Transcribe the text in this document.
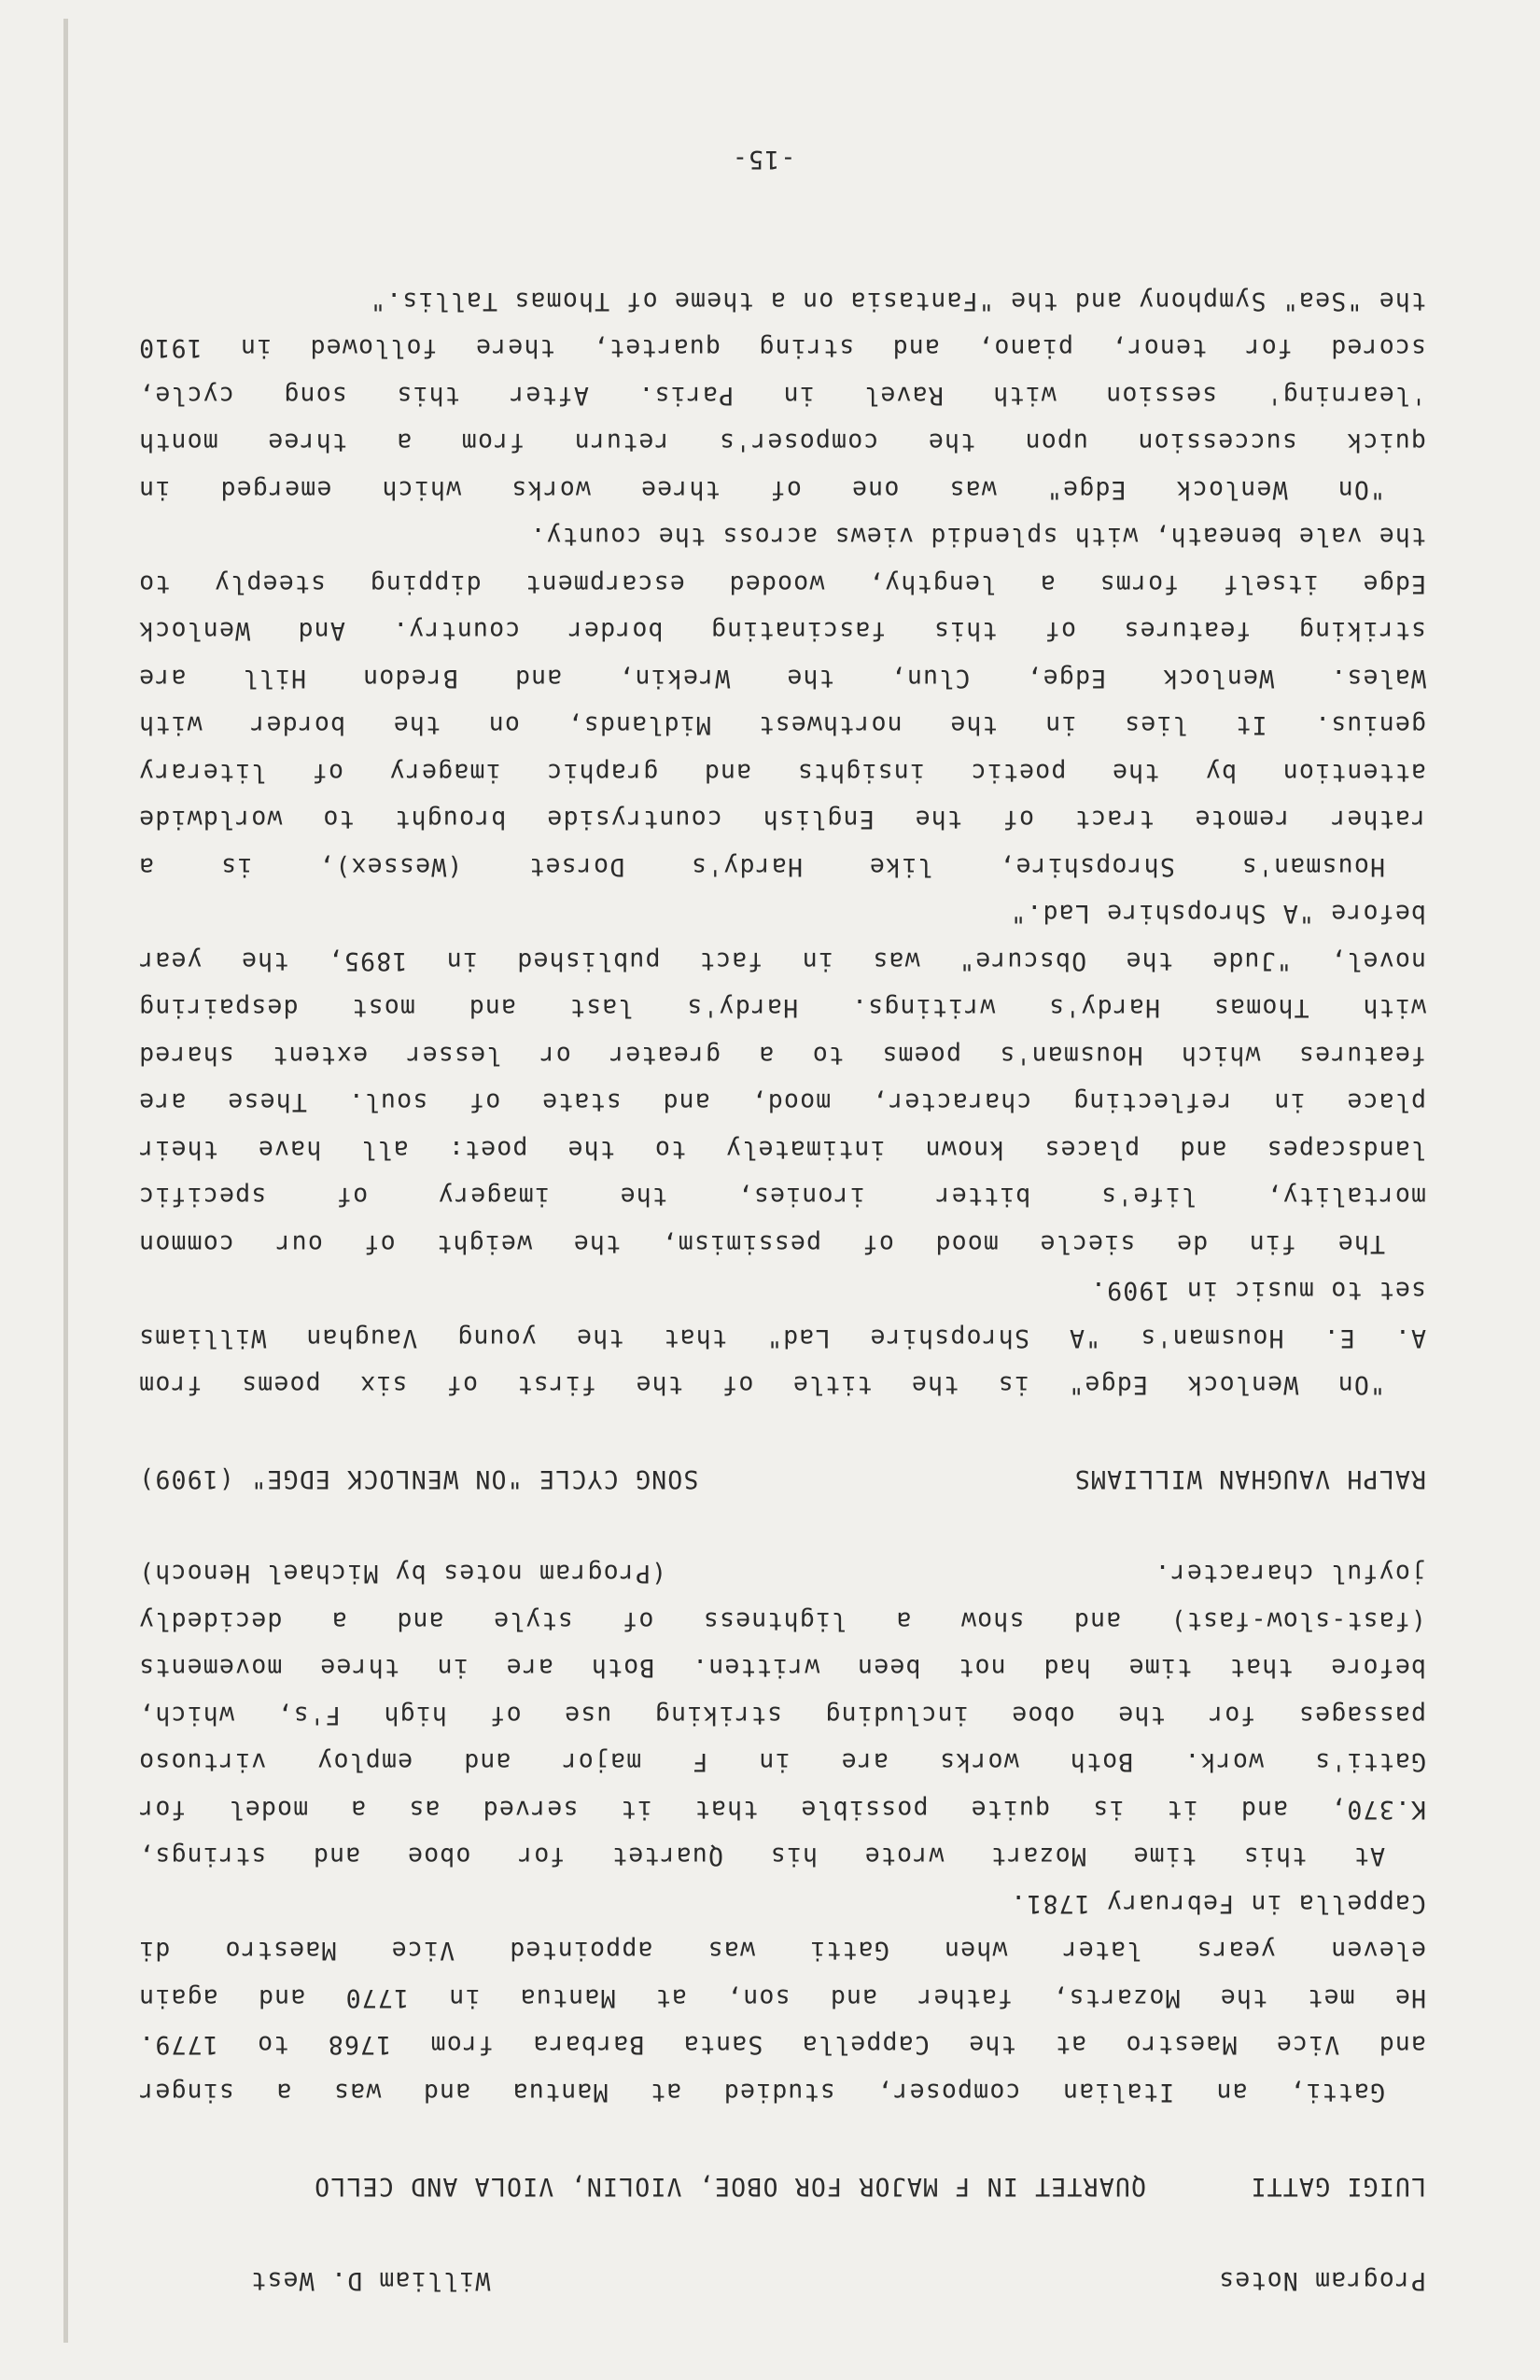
Program Notes
William D. West
LUIGI GATTI
QUARTET IN F MAJOR FOR OBOE, VIOLIN, VIOLA AND CELLO
Gatti, an Italian composer, studied at Mantua and was a singer
and Vice Maestro at the Cappella Santa Barbara from 1768 to 1779.
He met the Mozarts, father and son, at Mantua in 1770 and again
eleven years later when Gatti was appointed Vice Maestro di
Cappella in February 1781.
At this time Mozart wrote his Quartet for oboe and strings,
K.370, and it is quite possible that it served as a model for
Gatti's work. Both works are in F major and employ virtuoso
passages for the oboe including striking use of high F's, which,
before that time had not been written. Both are in three movements
(fast-slow-fast) and show a lightness of style and a decidedly
joyful character.
(Program notes by Michael Henoch)
RALPH VAUGHAN WILLIAMS
SONG CYCLE "ON WENLOCK EDGE" (1909)
"On Wenlock Edge" is the title of the first of six poems from
A. E. Housman's "A Shropshire Lad" that the young Vaughan Williams
set to music in 1909.
The fin de siecle mood of pessimism, the weight of our common
mortality, life's bitter ironies, the imagery of specific
landscapes and places known intimately to the poet: all have their
place in reflecting character, mood, and state of soul. These are
features which Housman's poems to a greater or lesser extent shared
with Thomas Hardy's writings. Hardy's last and most despairing
novel, "Jude the Obscure" was in fact published in 1895, the year
before "A Shropshire Lad."
Housman's Shropshire, like Hardy's Dorset (Wessex), is a
rather remote tract of the English countryside brought to worldwide
attention by the poetic insights and graphic imagery of literary
genius. It lies in the northwest Midlands, on the border with
Wales. Wenlock Edge, Clun, the Wrekin, and Bredon Hill are
striking features of this fascinating border country. And Wenlock
Edge itself forms a lengthy, wooded escarpment dipping steeply to
the vale beneath, with splendid views across the county.
"On Wenlock Edge" was one of three works which emerged in
quick succession upon the composer's return from a three month
'learning' session with Ravel in Paris. After this song cycle,
scored for tenor, piano, and string quartet, there followed in 1910
the "Sea" Symphony and the "Fantasia on a theme of Thomas Tallis."
-15-
